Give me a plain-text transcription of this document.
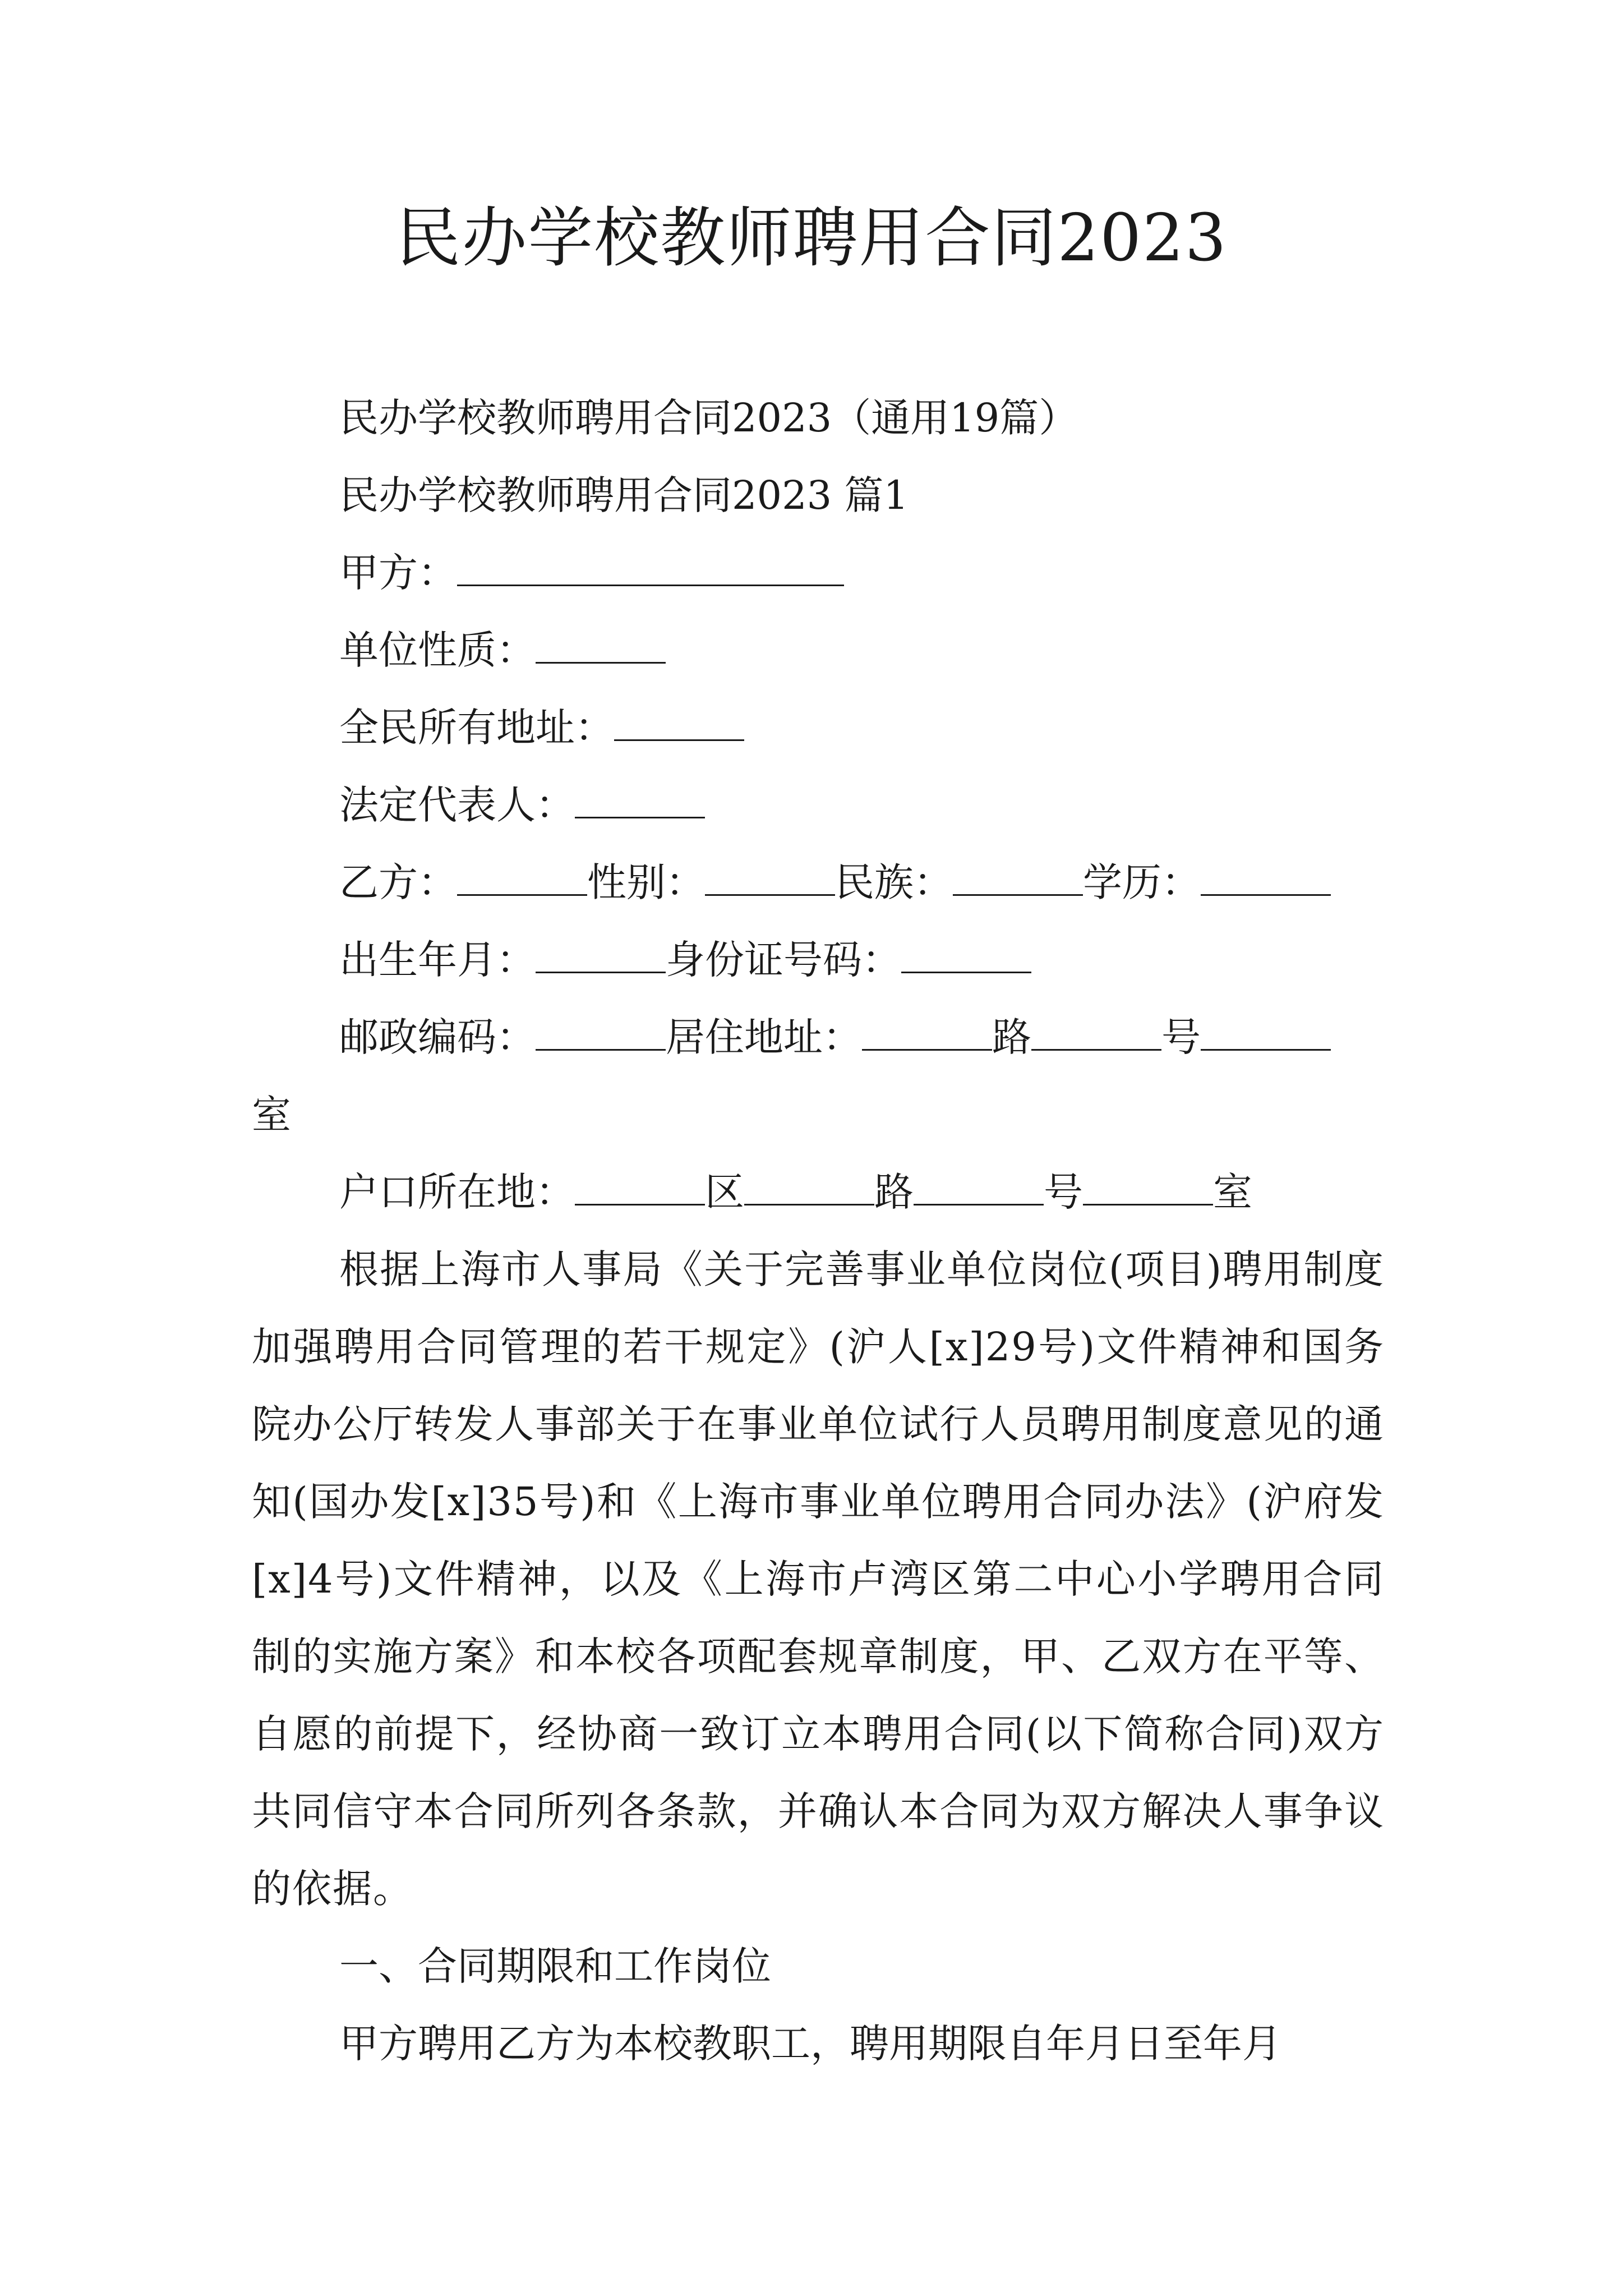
民办学校教师聘用合同2023
民办学校教师聘用合同2023（通用19篇）
民办学校教师聘用合同2023 篇1
甲方：
单位性质：
全民所有地址：
法定代表人：
乙方：	性别：	民族：	学历：
出生年月：	身份证号码：
邮政编码：	居住地址：	路	号
室
户口所在地：	区	路	号	室
根据上海市人事局《关于完善事业单位岗位(项目)聘用制度加强聘用合同管理的若干规定》(沪人[x]29号)文件精神和国务院办公厅转发人事部关于在事业单位试行人员聘用制度意见的通知(国办发[x]35号)和《上海市事业单位聘用合同办法》(沪府发[x]4号)文件精神，以及《上海市卢湾区第二中心小学聘用合同制的实施方案》和本校各项配套规章制度，甲、乙双方在平等、自愿的前提下，经协商一致订立本聘用合同(以下简称合同)双方共同信守本合同所列各条款，并确认本合同为双方解决人事争议的依据。
一、合同期限和工作岗位
甲方聘用乙方为本校教职工，聘用期限自年月日至年月
